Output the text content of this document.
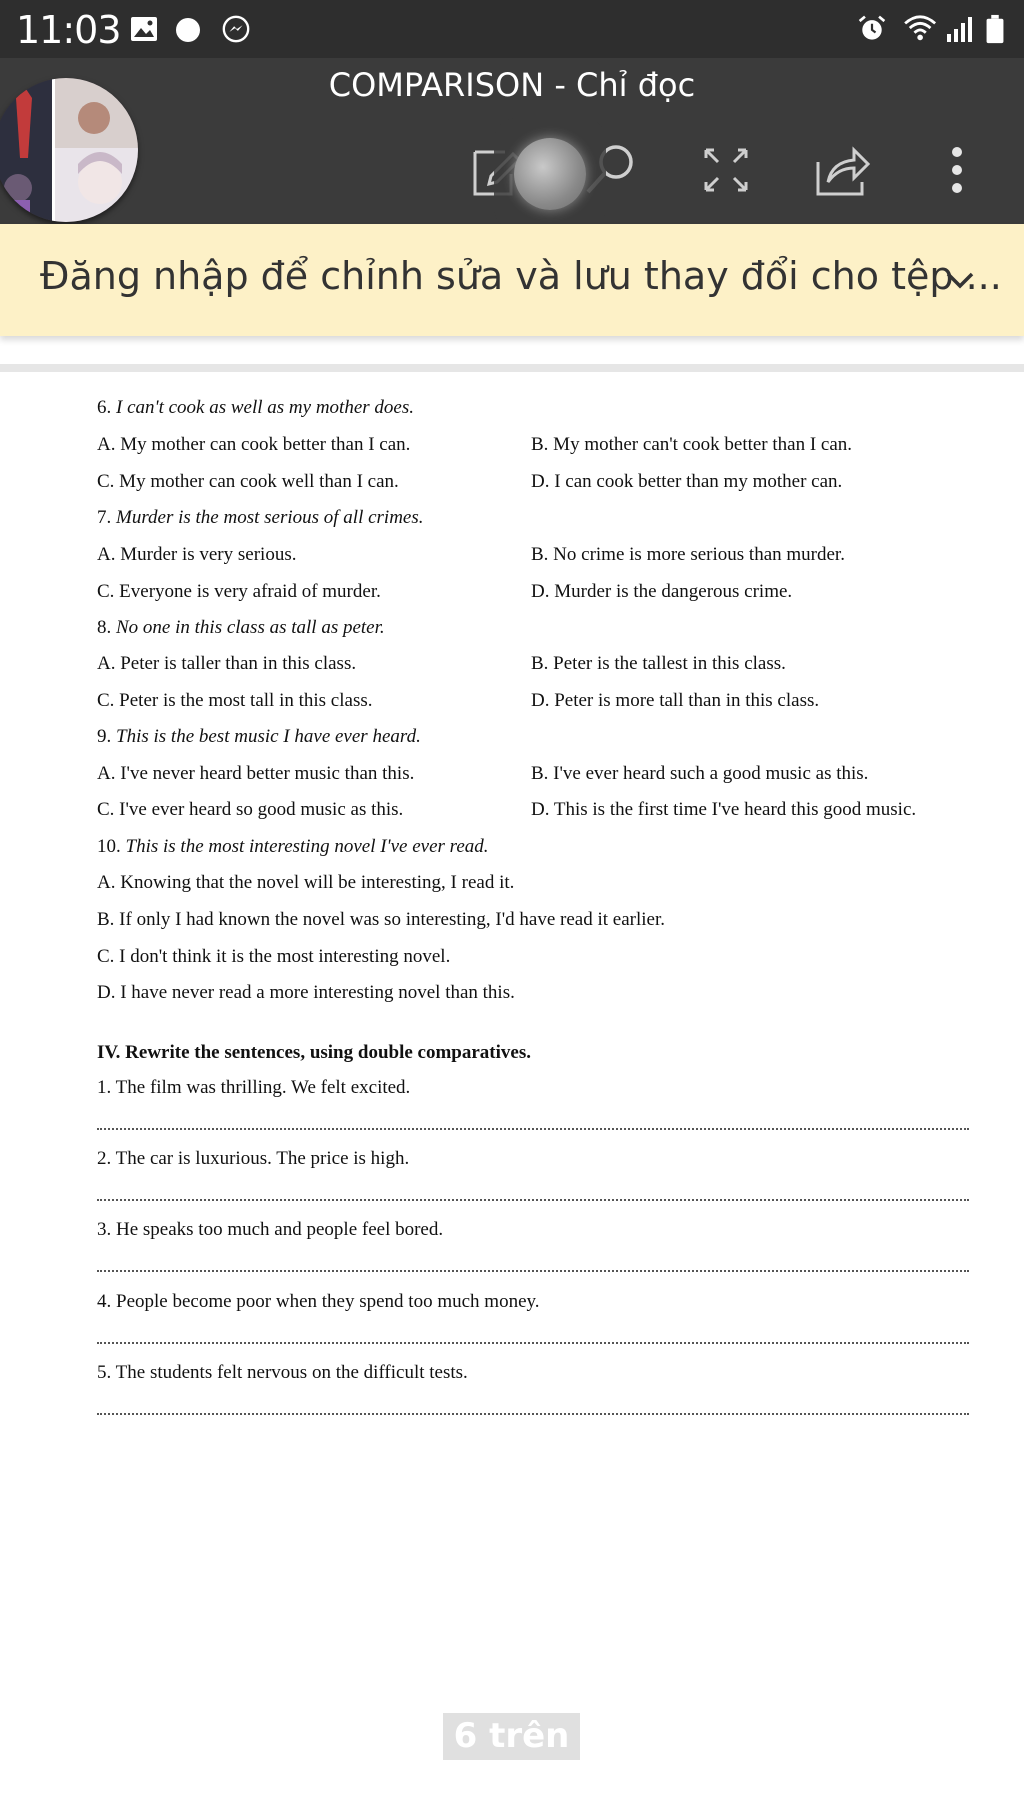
11:03
COMPARISON - Chỉ đọc
Đăng nhập để chỉnh sửa và lưu thay đổi cho tệp ...
6. I can't cook as well as my mother does.
A. My mother can cook better than I can.	B. My mother can't cook better than I can.
C. My mother can cook well than I can.	D. I can cook better than my mother can.
7. Murder is the most serious of all crimes.
A. Murder is very serious.	B. No crime is more serious than murder.
C. Everyone is very afraid of murder.	D. Murder is the dangerous crime.
8. No one in this class as tall as peter.
A. Peter is taller than in this class.	B. Peter is the tallest in this class.
C. Peter is the most tall in this class.	D. Peter is more tall than in this class.
9. This is the best music I have ever heard.
A. I've never heard better music than this.	B. I've ever heard such a good music as this.
C. I've ever heard so good music as this.	D. This is the first time I've heard this good music.
10. This is the most interesting novel I've ever read.
A. Knowing that the novel will be interesting, I read it.
B. If only I had known the novel was so interesting, I'd have read it earlier.
C. I don't think it is the most interesting novel.
D. I have never read a more interesting novel than this.
IV. Rewrite the sentences, using double comparatives.
1. The film was thrilling. We felt excited.
2. The car is luxurious. The price is high.
3. He speaks too much and people feel bored.
4. People become poor when they spend too much money.
5. The students felt nervous on the difficult tests.
6 trên 6
